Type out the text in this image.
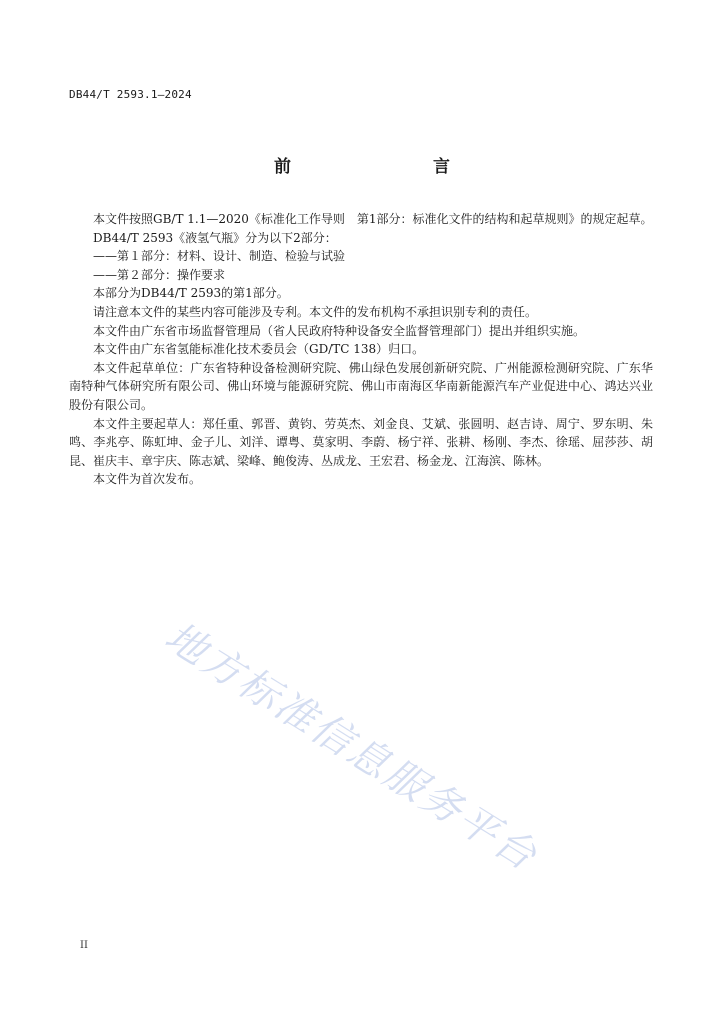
DB44/T 2593.1—2024
前　　言

本文件按照GB/T 1.1—2020《标准化工作导则　第1部分：标准化文件的结构和起草规则》的规定起草。

DB44/T 2593《液氢气瓶》分为以下2部分：

——第１部分：材料、设计、制造、检验与试验

——第２部分：操作要求

本部分为DB44/T 2593的第1部分。

请注意本文件的某些内容可能涉及专利。本文件的发布机构不承担识别专利的责任。

本文件由广东省市场监督管理局（省人民政府特种设备安全监督管理部门）提出并组织实施。

本文件由广东省氢能标准化技术委员会（GD/TC 138）归口。

本文件起草单位：广东省特种设备检测研究院、佛山绿色发展创新研究院、广州能源检测研究院、广东华南特种气体研究所有限公司、佛山环境与能源研究院、佛山市南海区华南新能源汽车产业促进中心、鸿达兴业股份有限公司。

本文件主要起草人：郑任重、郭晋、黄钧、劳英杰、刘金良、艾斌、张圆明、赵吉诗、周宁、罗东明、朱鸣、李兆亭、陈虹坤、金子儿、刘洋、谭粤、莫家明、李蔚、杨宁祥、张耕、杨刚、李杰、徐瑶、屈莎莎、胡昆、崔庆丰、章宇庆、陈志斌、梁峰、鲍俊涛、丛成龙、王宏君、杨金龙、江海滨、陈林。

本文件为首次发布。

地方标准信息服务平台
II
